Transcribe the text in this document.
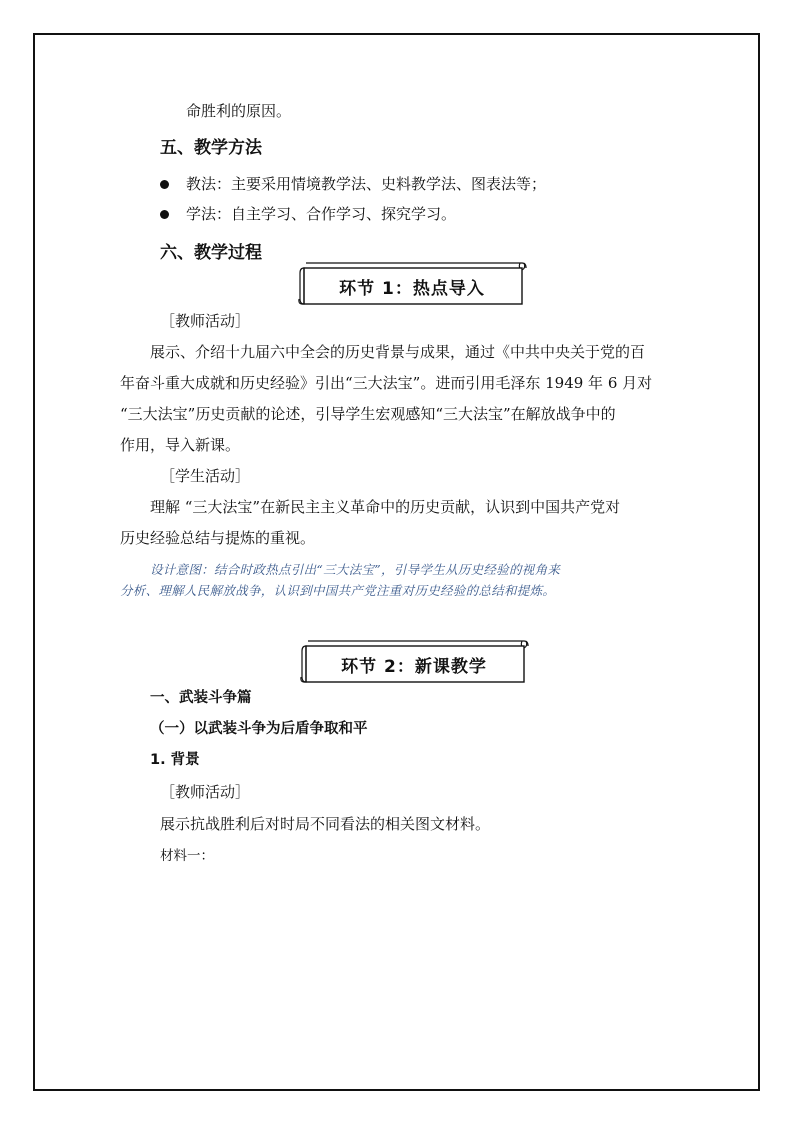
命胜利的原因。
五、教学方法
教法：主要采用情境教学法、史料教学法、图表法等；
学法：自主学习、合作学习、探究学习。
六、教学过程
环节 1：热点导入
［教师活动］
展示、介绍十九届六中全会的历史背景与成果，通过《中共中央关于党的百
年奋斗重大成就和历史经验》引出“三大法宝”。进而引用毛泽东 1949 年 6 月对
“三大法宝”历史贡献的论述，引导学生宏观感知“三大法宝”在解放战争中的
作用，导入新课。
［学生活动］
理解 “三大法宝”在新民主主义革命中的历史贡献，认识到中国共产党对
历史经验总结与提炼的重视。
设计意图：结合时政热点引出“三大法宝”，引导学生从历史经验的视角来
分析、理解人民解放战争，认识到中国共产党注重对历史经验的总结和提炼。
环节 2：新课教学
一、武装斗争篇
（一）以武装斗争为后盾争取和平
1. 背景
［教师活动］
展示抗战胜利后对时局不同看法的相关图文材料。
材料一：
